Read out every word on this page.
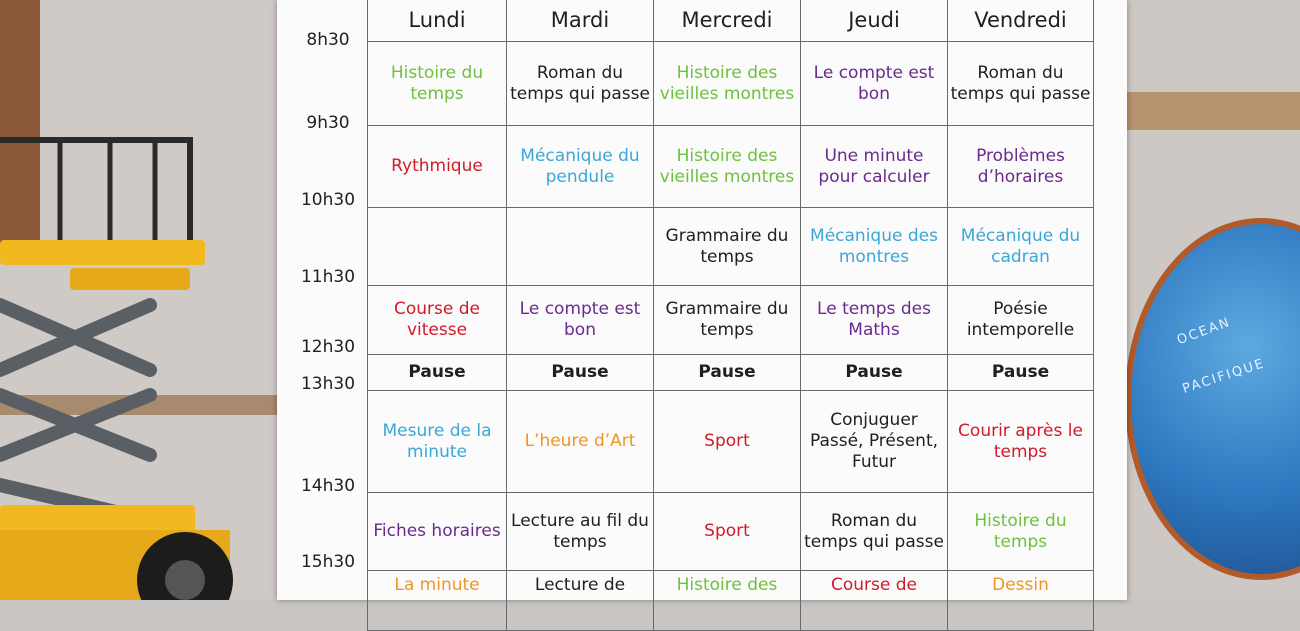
OCEAN
PACIFIQUE
8h30
9h30
10h30
11h30
12h30
13h30
14h30
15h30
Lundi	Mardi	Mercredi	Jeudi	Vendredi
Histoire du temps	Roman du temps qui passe	Histoire des vieilles montres	Le compte est bon	Roman du temps qui passe
Rythmique	Mécanique du pendule	Histoire des vieilles montres	Une minute pour calculer	Problèmes d’horaires
		Grammaire du temps	Mécanique des montres	Mécanique du cadran
Course de vitesse	Le compte est bon	Grammaire du temps	Le temps des Maths	Poésie intemporelle
Pause	Pause	Pause	Pause	Pause
Mesure de la minute	L’heure d’Art	Sport	Conjuguer Passé, Présent, Futur	Courir après le temps
Fiches horaires	Lecture au fil du temps	Sport	Roman du temps qui passe	Histoire du temps
La minute	Lecture de	Histoire des	Course de	Dessin
